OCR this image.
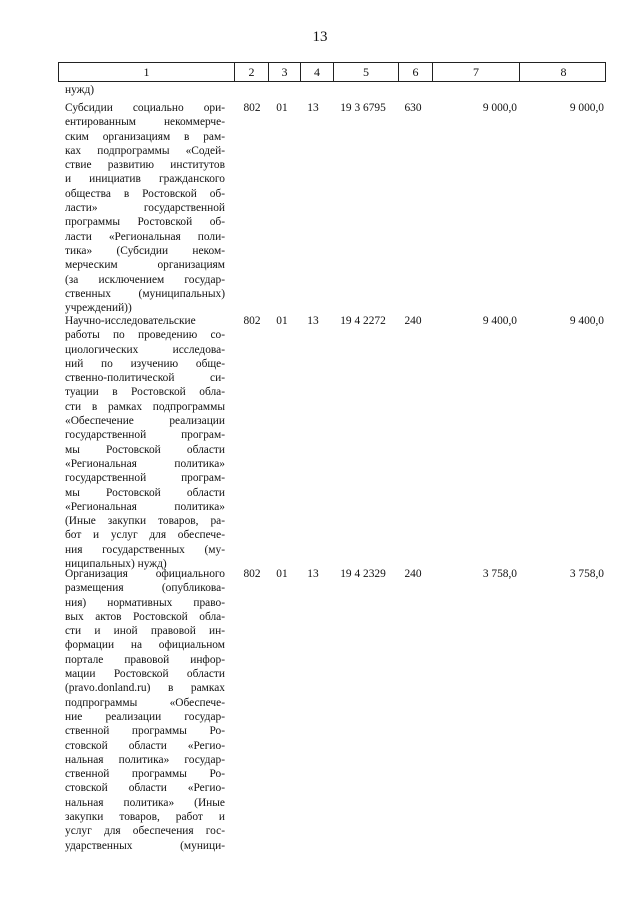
13
1	2	3	4	5	6	7	8
нужд)
Субсидии социально ори-
ентированным некоммерче-
ским организациям в рам-
ках подпрограммы «Содей-
ствие развитию институтов
и инициатив гражданского
общества в Ростовской об-
ласти» государственной
программы Ростовской об-
ласти «Региональная поли-
тика» (Субсидии неком-
мерческим организациям
(за исключением государ-
ственных (муниципальных)
учреждений))
802	01	13	19 3 6795	630	9 000,0	9 000,0
Научно-исследовательские
работы по проведению со-
циологических исследова-
ний по изучению обще-
ственно-политической си-
туации в Ростовской обла-
сти в рамках подпрограммы
«Обеспечение реализации
государственной програм-
мы Ростовской области
«Региональная политика»
государственной програм-
мы Ростовской области
«Региональная политика»
(Иные закупки товаров, ра-
бот и услуг для обеспече-
ния государственных (му-
ниципальных) нужд)
802	01	13	19 4 2272	240	9 400,0	9 400,0
Организация официального
размещения (опубликова-
ния) нормативных право-
вых актов Ростовской обла-
сти и иной правовой ин-
формации на официальном
портале правовой инфор-
мации Ростовской области
(pravo.donland.ru) в рамках
подпрограммы «Обеспече-
ние реализации государ-
ственной программы Ро-
стовской области «Регио-
нальная политика» государ-
ственной программы Ро-
стовской области «Регио-
нальная политика» (Иные
закупки товаров, работ и
услуг для обеспечения гос-
ударственных (муници-
802	01	13	19 4 2329	240	3 758,0	3 758,0
